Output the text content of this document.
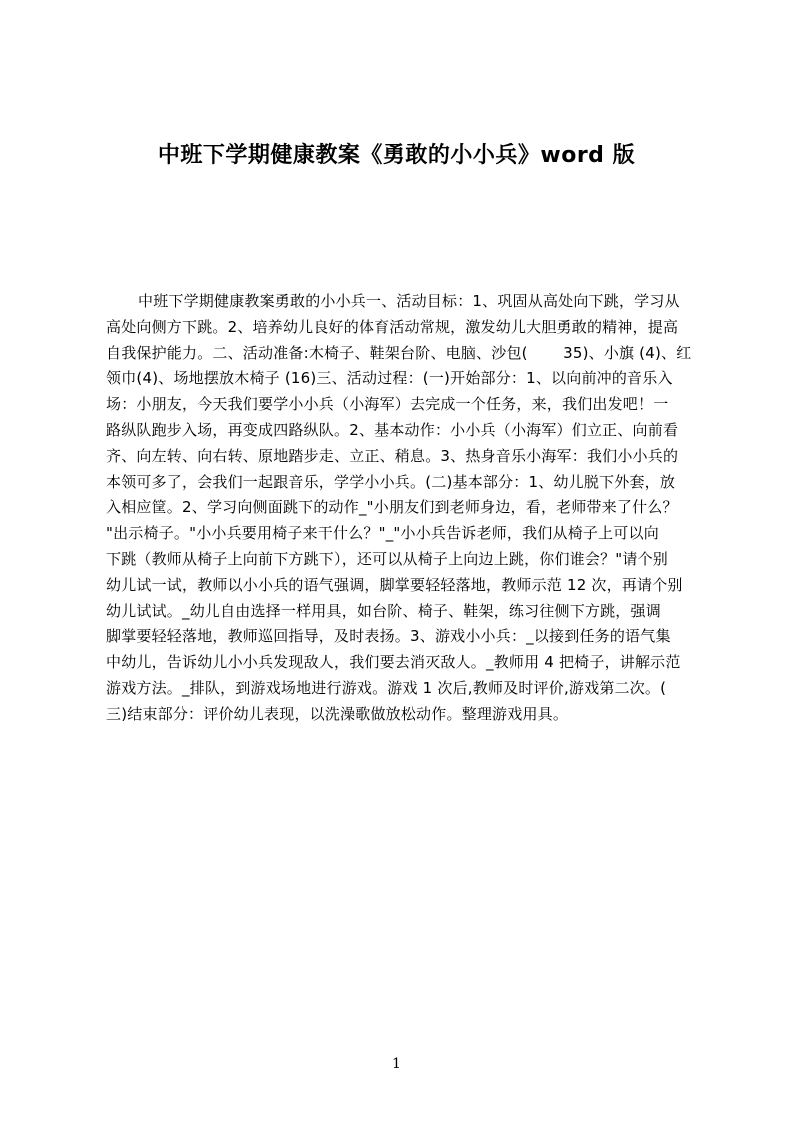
中班下学期健康教案《勇敢的小小兵》word 版
中班下学期健康教案勇敢的小小兵一、活动目标：1、巩固从高处向下跳，学习从
高处向侧方下跳。2、培养幼儿良好的体育活动常规，激发幼儿大胆勇敢的精神，提高
自我保护能力。二、活动准备:木椅子、鞋架台阶、电脑、沙包(　　 35)、小旗 (4)、红
领巾(4)、场地摆放木椅子 (16)三、活动过程：(一)开始部分：1、以向前冲的音乐入
场：小朋友，今天我们要学小小兵（小海军）去完成一个任务，来，我们出发吧！一
路纵队跑步入场，再变成四路纵队。2、基本动作：小小兵（小海军）们立正、向前看
齐、向左转、向右转、原地踏步走、立正、稍息。3、热身音乐小海军：我们小小兵的
本领可多了，会我们一起跟音乐，学学小小兵。(二)基本部分：1、幼儿脱下外套，放
入相应筐。2、学习向侧面跳下的动作_"小朋友们到老师身边，看，老师带来了什么？
"出示椅子。"小小兵要用椅子来干什么？"_"小小兵告诉老师，我们从椅子上可以向
下跳（教师从椅子上向前下方跳下），还可以从椅子上向边上跳，你们谁会？"请个别
幼儿试一试，教师以小小兵的语气强调，脚掌要轻轻落地，教师示范 12 次，再请个别
幼儿试试。_幼儿自由选择一样用具，如台阶、椅子、鞋架，练习往侧下方跳，强调
脚掌要轻轻落地，教师巡回指导，及时表扬。3、游戏小小兵：_以接到任务的语气集
中幼儿，告诉幼儿小小兵发现敌人，我们要去消灭敌人。_教师用 4 把椅子，讲解示范
游戏方法。_排队，到游戏场地进行游戏。游戏 1 次后,教师及时评价,游戏第二次。(
三)结束部分：评价幼儿表现，以洗澡歌做放松动作。整理游戏用具。
1
